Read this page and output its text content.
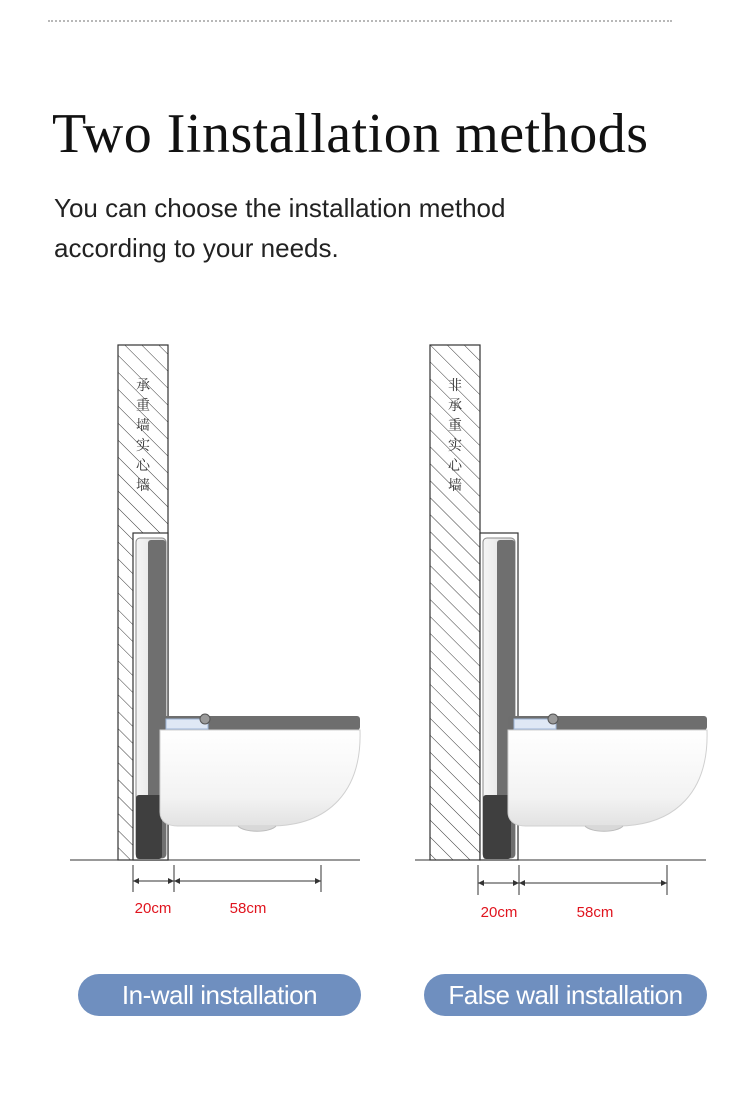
Two Iinstallation methods

You can choose the installation method
according to your needs.

承
重
墙
实
心
墙
20cm	58cm
非
承
重
实
心
墙
20cm	58cm
In-wall installation	False wall installation
